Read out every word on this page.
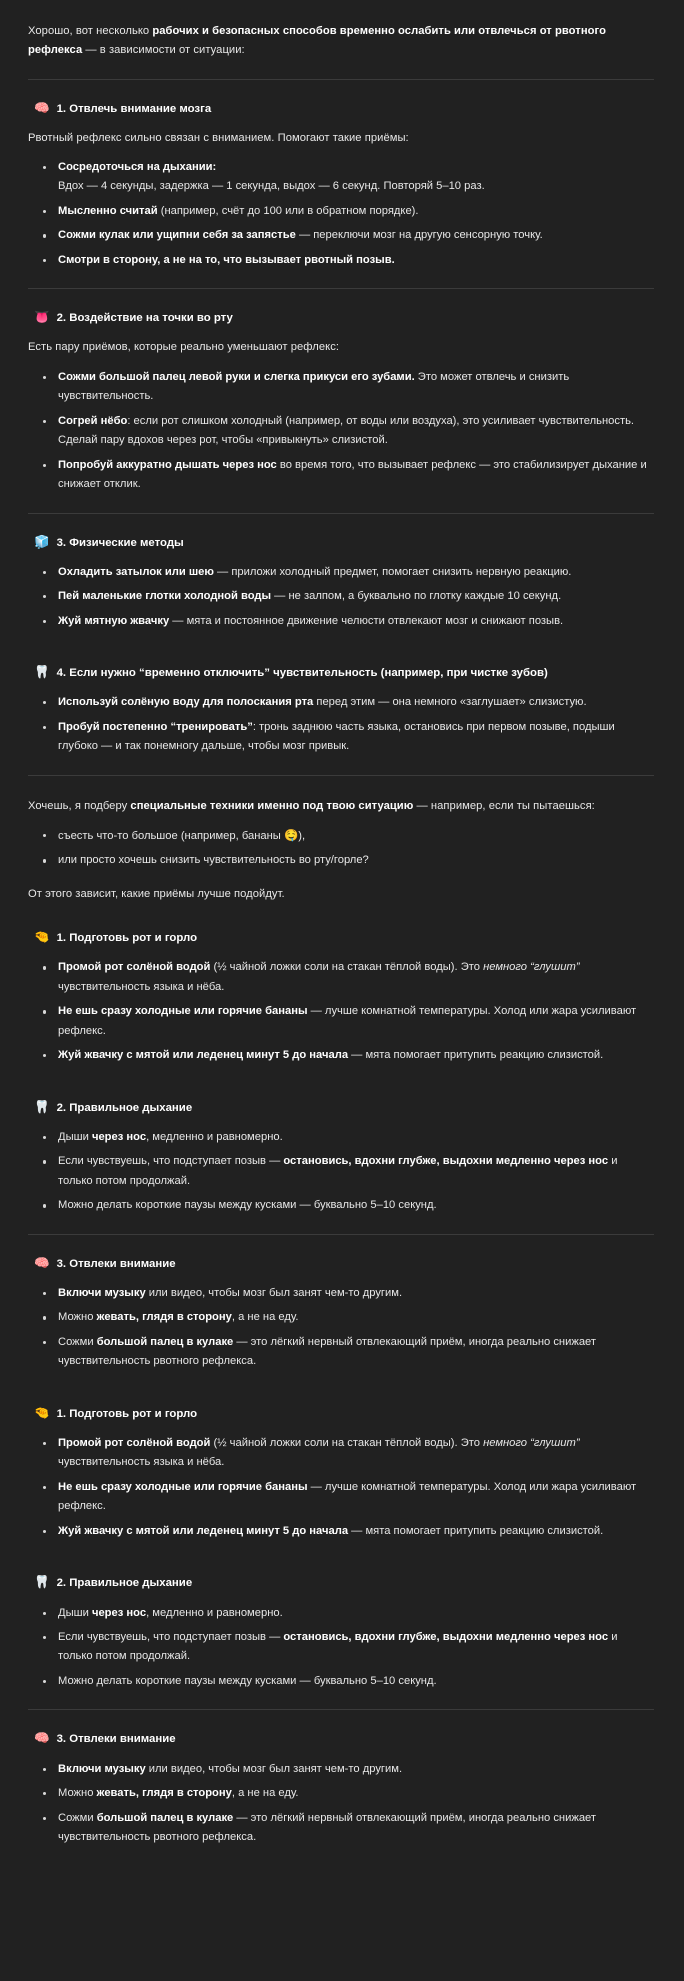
Хорошо, вот несколько рабочих и безопасных способов временно ослабить или отвлечься от рвотного рефлекса — в зависимости от ситуации:

🧠 1. Отвлечь внимание мозга

Рвотный рефлекс сильно связан с вниманием. Помогают такие приёмы:

Сосредоточься на дыхании:
Вдох — 4 секунды, задержка — 1 секунда, выдох — 6 секунд. Повторяй 5–10 раз.
Мысленно считай (например, счёт до 100 или в обратном порядке).
Сожми кулак или ущипни себя за запястье — переключи мозг на другую сенсорную точку.
Смотри в сторону, а не на то, что вызывает рвотный позыв.
👅 2. Воздействие на точки во рту

Есть пару приёмов, которые реально уменьшают рефлекс:

Сожми большой палец левой руки и слегка прикуси его зубами. Это может отвлечь и снизить чувствительность.
Согрей нёбо: если рот слишком холодный (например, от воды или воздуха), это усиливает чувствительность. Сделай пару вдохов через рот, чтобы «привыкнуть» слизистой.
Попробуй аккуратно дышать через нос во время того, что вызывает рефлекс — это стабилизирует дыхание и снижает отклик.
🧊 3. Физические методы
Охладить затылок или шею — приложи холодный предмет, помогает снизить нервную реакцию.
Пей маленькие глотки холодной воды — не залпом, а буквально по глотку каждые 10 секунд.
Жуй мятную жвачку — мята и постоянное движение челюсти отвлекают мозг и снижают позыв.
🦷 4. Если нужно “временно отключить” чувствительность (например, при чистке зубов)
Используй солёную воду для полоскания рта перед этим — она немного «заглушает» слизистую.
Пробуй постепенно “тренировать”: тронь заднюю часть языка, остановись при первом позыве, подыши глубоко — и так понемногу дальше, чтобы мозг привык.

Хочешь, я подберу специальные техники именно под твою ситуацию — например, если ты пытаешься:

съесть что-то большое (например, бананы 🤤),
или просто хочешь снизить чувствительность во рту/горле?

От этого зависит, какие приёмы лучше подойдут.

🤏 1. Подготовь рот и горло
Промой рот солёной водой (½ чайной ложки соли на стакан тёплой воды). Это немного “глушит” чувствительность языка и нёба.
Не ешь сразу холодные или горячие бананы — лучше комнатной температуры. Холод или жара усиливают рефлекс.
Жуй жвачку с мятой или леденец минут 5 до начала — мята помогает притупить реакцию слизистой.
🦷 2. Правильное дыхание
Дыши через нос, медленно и равномерно.
Если чувствуешь, что подступает позыв — остановись, вдохни глубже, выдохни медленно через нос и только потом продолжай.
Можно делать короткие паузы между кусками — буквально 5–10 секунд.
🧠 3. Отвлеки внимание
Включи музыку или видео, чтобы мозг был занят чем-то другим.
Можно жевать, глядя в сторону, а не на еду.
Сожми большой палец в кулаке — это лёгкий нервный отвлекающий приём, иногда реально снижает чувствительность рвотного рефлекса.
🤏 1. Подготовь рот и горло
Промой рот солёной водой (½ чайной ложки соли на стакан тёплой воды). Это немного “глушит” чувствительность языка и нёба.
Не ешь сразу холодные или горячие бананы — лучше комнатной температуры. Холод или жара усиливают рефлекс.
Жуй жвачку с мятой или леденец минут 5 до начала — мята помогает притупить реакцию слизистой.
🦷 2. Правильное дыхание
Дыши через нос, медленно и равномерно.
Если чувствуешь, что подступает позыв — остановись, вдохни глубже, выдохни медленно через нос и только потом продолжай.
Можно делать короткие паузы между кусками — буквально 5–10 секунд.
🧠 3. Отвлеки внимание
Включи музыку или видео, чтобы мозг был занят чем-то другим.
Можно жевать, глядя в сторону, а не на еду.
Сожми большой палец в кулаке — это лёгкий нервный отвлекающий приём, иногда реально снижает чувствительность рвотного рефлекса.
